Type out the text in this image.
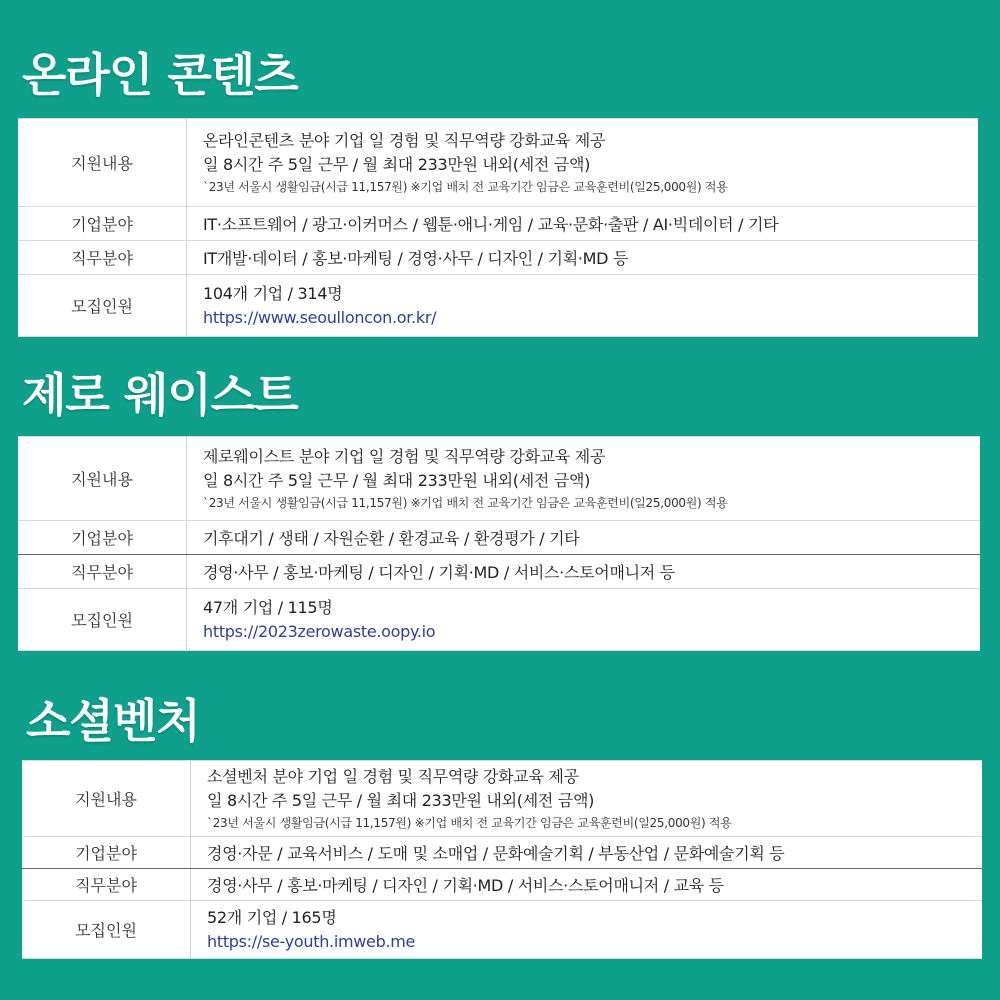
온라인 콘텐츠
지원내용	온라인콘텐츠 분야 기업 일 경험 및 직무역량 강화교육 제공
일 8시간 주 5일 근무 / 월 최대 233만원 내외(세전 금액)
`23년 서울시 생활임금(시급 11,157원) ※기업 배치 전 교육기간 임금은 교육훈련비(일25,000원) 적용

기업분야	IT·소프트웨어 / 광고·이커머스 / 웹툰·애니·게임 / 교육·문화·출판 / AI·빅데이터 / 기타
직무분야	IT개발·데이터 / 홍보·마케팅 / 경영·사무 / 디자인 / 기획·MD 등
모집인원	104개 기업 / 314명
https://www.seoulloncon.or.kr/
제로 웨이스트
지원내용	제로웨이스트 분야 기업 일 경험 및 직무역량 강화교육 제공
일 8시간 주 5일 근무 / 월 최대 233만원 내외(세전 금액)
`23년 서울시 생활임금(시급 11,157원) ※기업 배치 전 교육기간 임금은 교육훈련비(일25,000원) 적용

기업분야	기후대기 / 생태 / 자원순환 / 환경교육 / 환경평가 / 기타
직무분야	경영·사무 / 홍보·마케팅 / 디자인 / 기획·MD / 서비스·스토어매니저 등
모집인원	47개 기업 / 115명
https://2023zerowaste.oopy.io
소셜벤처
지원내용	소셜벤처 분야 기업 일 경험 및 직무역량 강화교육 제공
일 8시간 주 5일 근무 / 월 최대 233만원 내외(세전 금액)
`23년 서울시 생활임금(시급 11,157원) ※기업 배치 전 교육기간 임금은 교육훈련비(일25,000원) 적용

기업분야	경영·자문 / 교육서비스 / 도매 및 소매업 / 문화예술기획 / 부동산업 / 문화예술기획 등
직무분야	경영·사무 / 홍보·마케팅 / 디자인 / 기획·MD / 서비스·스토어매니저 / 교육 등
모집인원	52개 기업 / 165명
https://se-youth.imweb.me
